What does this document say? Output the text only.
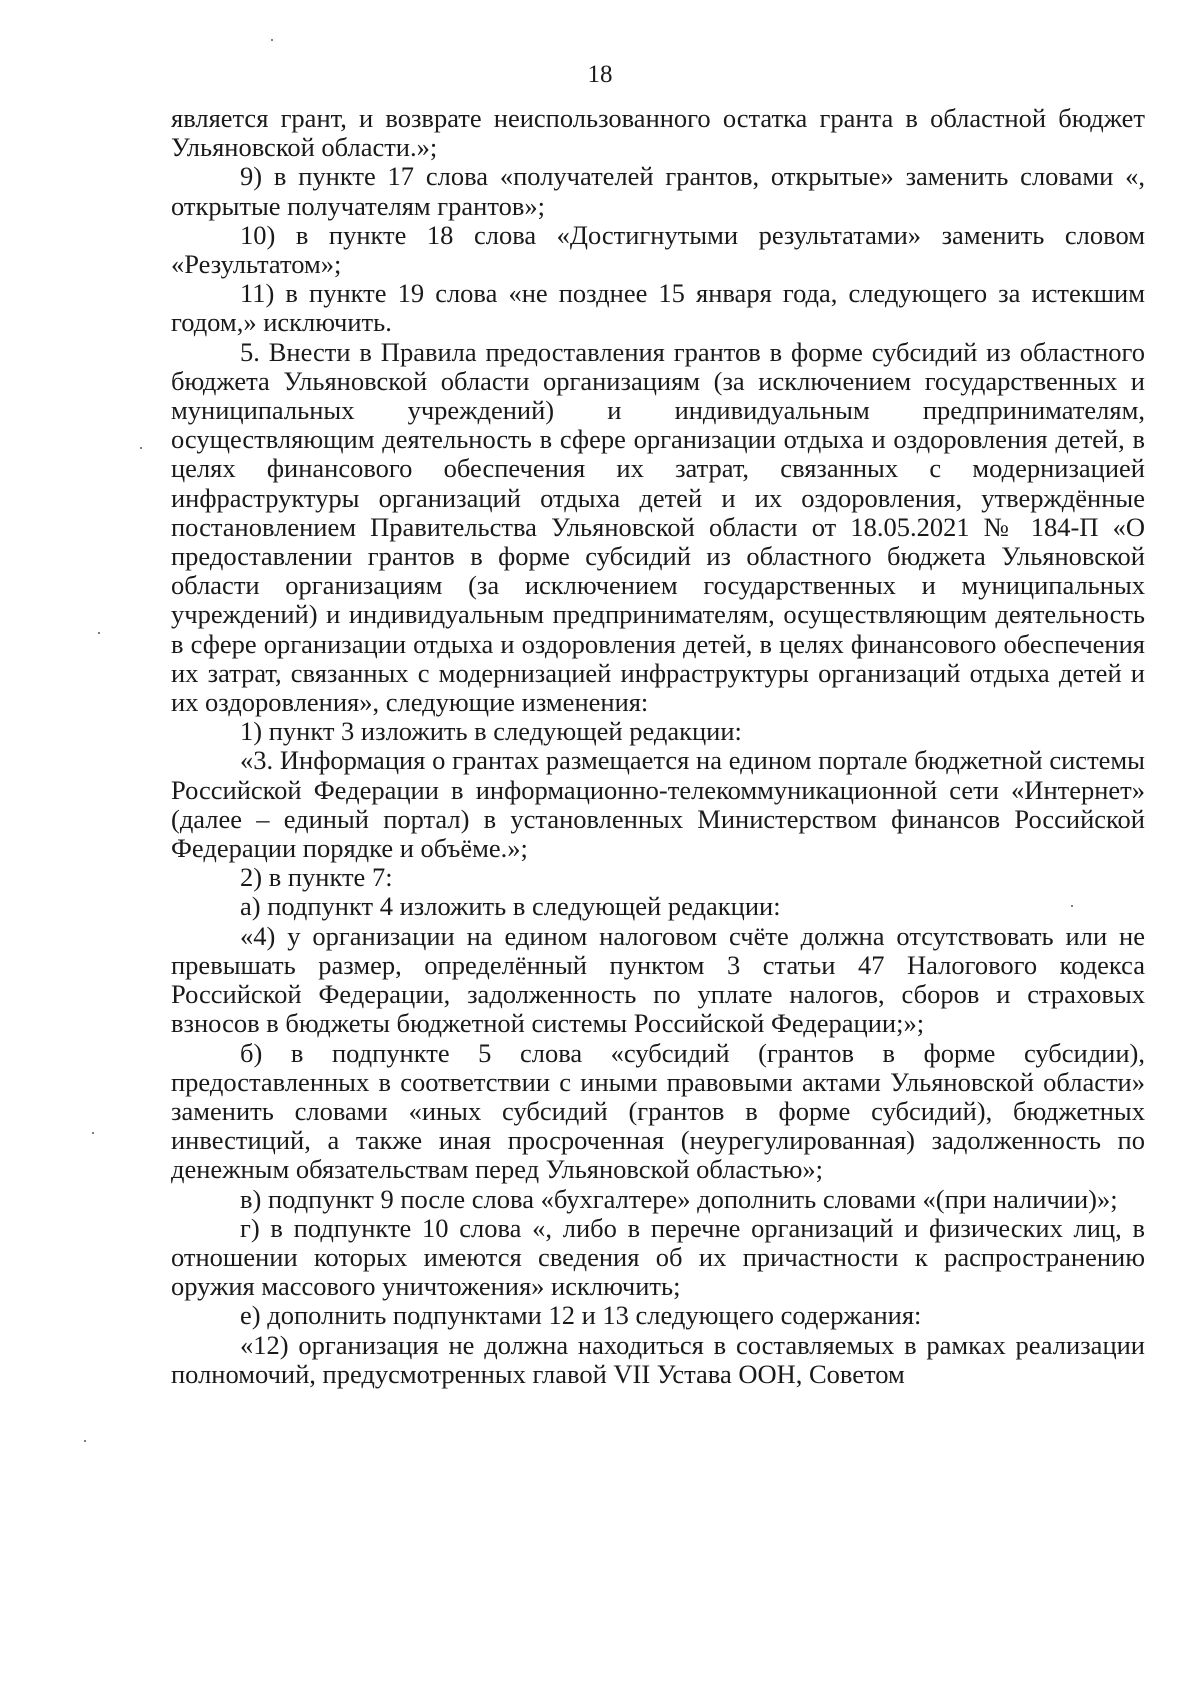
18

является грант, и возврате неиспользованного остатка гранта в областной бюджет Ульяновской области.»;

9) в пункте 17 слова «получателей грантов, открытые» заменить словами «, открытые получателям грантов»;

10) в пункте 18 слова «Достигнутыми результатами» заменить словом «Результатом»;

11) в пункте 19 слова «не позднее 15 января года, следующего за истекшим годом,» исключить.

5. Внести в Правила предоставления грантов в форме субсидий из областного бюджета Ульяновской области организациям (за исключением государственных и муниципальных учреждений) и индивидуальным предпринимателям, осуществляющим деятельность в сфере организации отдыха и оздоровления детей, в целях финансового обеспечения их затрат, связанных с модернизацией инфраструктуры организаций отдыха детей и их оздоровления, утверждённые постановлением Правительства Ульяновской области от 18.05.2021 № 184-П «О предоставлении грантов в форме субсидий из областного бюджета Ульяновской области организациям (за исключением государственных и муниципальных учреждений) и индивидуальным предпринимателям, осуществляющим деятельность в сфере организации отдыха и оздоровления детей, в целях финансового обеспечения их затрат, связанных с модернизацией инфраструктуры организаций отдыха детей и их оздоровления», следующие изменения:

1) пункт 3 изложить в следующей редакции:

«3. Информация о грантах размещается на едином портале бюджетной системы Российской Федерации в информационно-телекоммуникационной сети «Интернет» (далее – единый портал) в установленных Министерством финансов Российской Федерации порядке и объёме.»;

2) в пункте 7:

а) подпункт 4 изложить в следующей редакции:

«4) у организации на едином налоговом счёте должна отсутствовать или не превышать размер, определённый пунктом 3 статьи 47 Налогового кодекса Российской Федерации, задолженность по уплате налогов, сборов и страховых взносов в бюджеты бюджетной системы Российской Федерации;»;

б) в подпункте 5 слова «субсидий (грантов в форме субсидии), предоставленных в соответствии с иными правовыми актами Ульяновской области» заменить словами «иных субсидий (грантов в форме субсидий), бюджетных инвестиций, а также иная просроченная (неурегулированная) задолженность по денежным обязательствам перед Ульяновской областью»;

в) подпункт 9 после слова «бухгалтере» дополнить словами «(при наличии)»;

г) в подпункте 10 слова «, либо в перечне организаций и физических лиц, в отношении которых имеются сведения об их причастности к распространению оружия массового уничтожения» исключить;

е) дополнить подпунктами 12 и 13 следующего содержания:

«12) организация не должна находиться в составляемых в рамках реализации полномочий, предусмотренных главой VII Устава ООН, Советом
